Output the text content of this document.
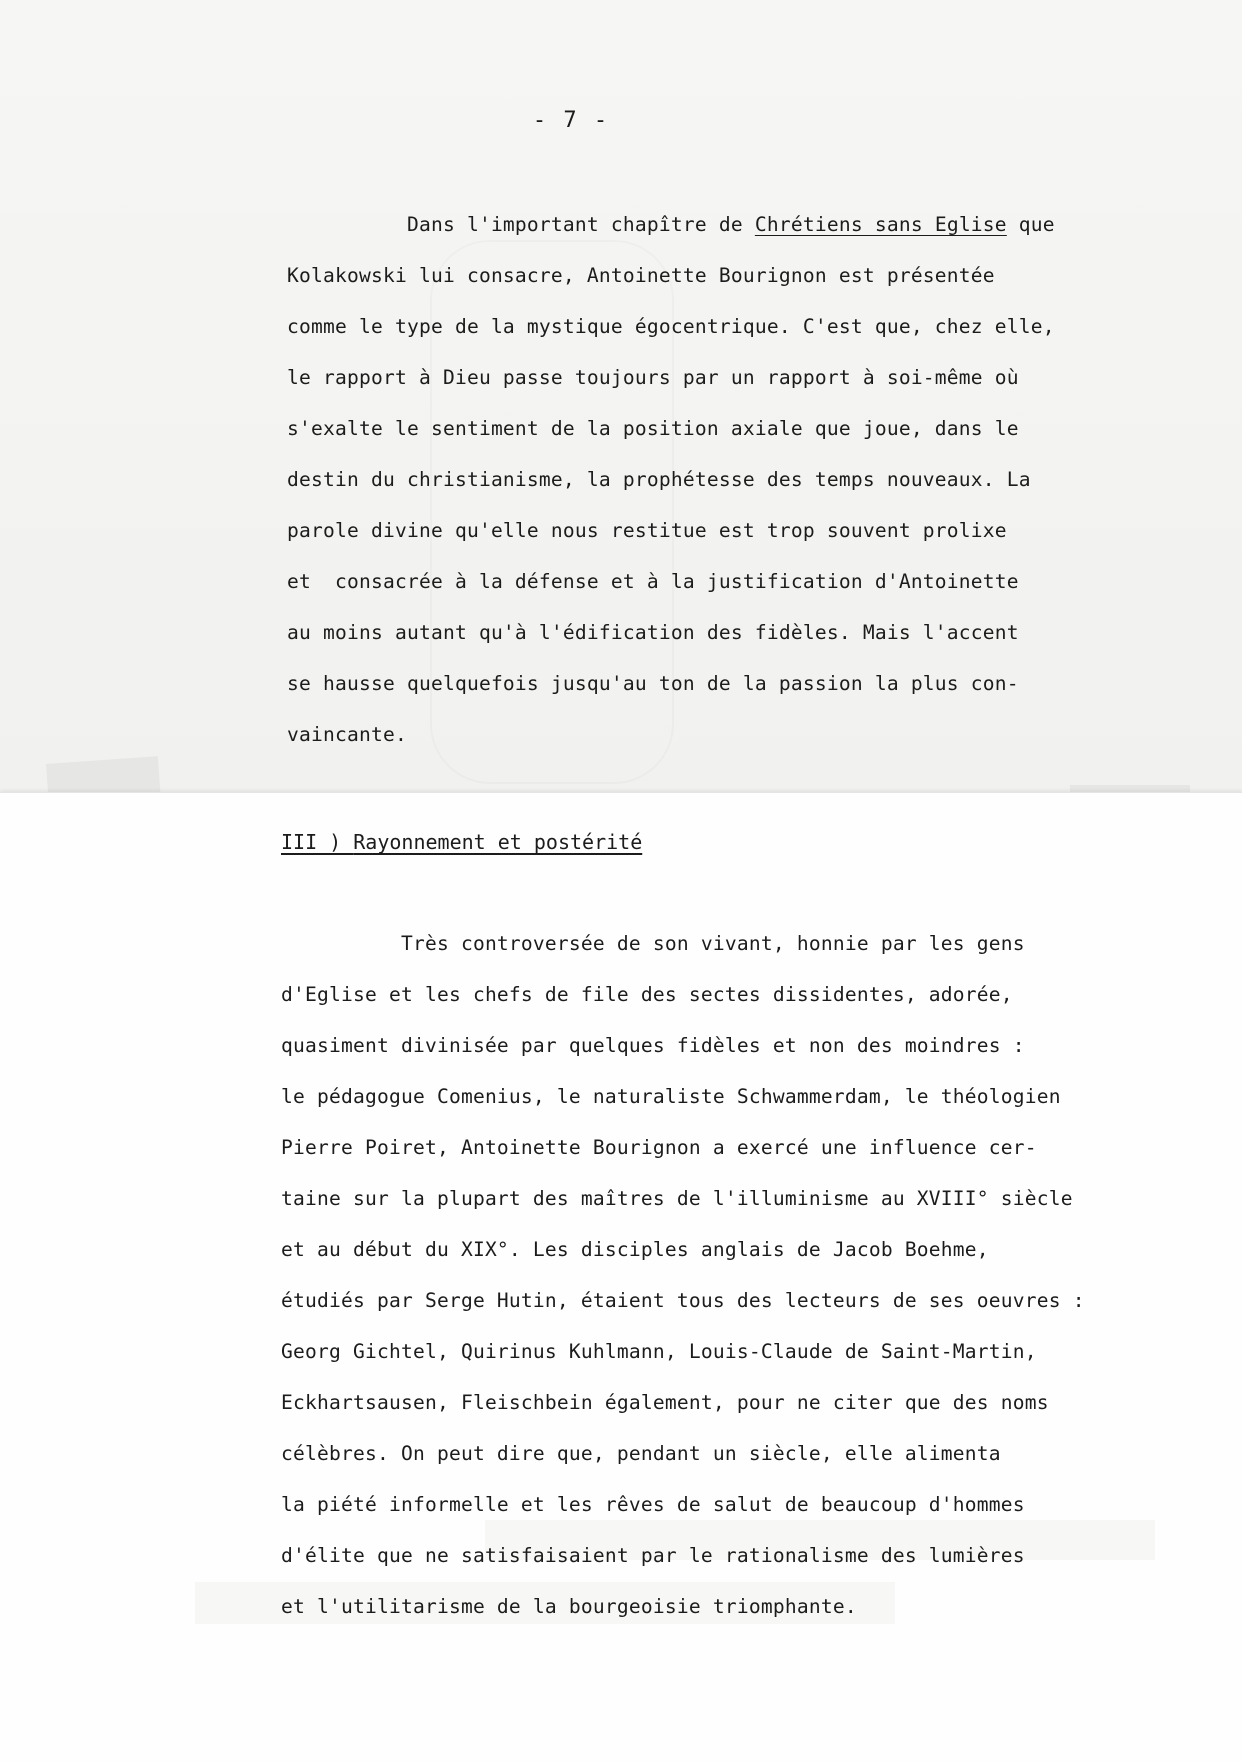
- 7 -
Dans l'important chapître de Chrétiens sans Eglise que
Kolakowski lui consacre, Antoinette Bourignon est présentée
comme le type de la mystique égocentrique. C'est que, chez elle,
le rapport à Dieu passe toujours par un rapport à soi-même où
s'exalte le sentiment de la position axiale que joue, dans le
destin du christianisme, la prophétesse des temps nouveaux. La
parole divine qu'elle nous restitue est trop souvent prolixe
et  consacrée à la défense et à la justification d'Antoinette
au moins autant qu'à l'édification des fidèles. Mais l'accent
se hausse quelquefois jusqu'au ton de la passion la plus con-
vaincante.
III ) Rayonnement et postérité
Très controversée de son vivant, honnie par les gens
d'Eglise et les chefs de file des sectes dissidentes, adorée,
quasiment divinisée par quelques fidèles et non des moindres :
le pédagogue Comenius, le naturaliste Schwammerdam, le théologien
Pierre Poiret, Antoinette Bourignon a exercé une influence cer-
taine sur la plupart des maîtres de l'illuminisme au XVIII° siècle
et au début du XIX°. Les disciples anglais de Jacob Boehme,
étudiés par Serge Hutin, étaient tous des lecteurs de ses oeuvres :
Georg Gichtel, Quirinus Kuhlmann, Louis-Claude de Saint-Martin,
Eckhartsausen, Fleischbein également, pour ne citer que des noms
célèbres. On peut dire que, pendant un siècle, elle alimenta
la piété informelle et les rêves de salut de beaucoup d'hommes
d'élite que ne satisfaisaient par le rationalisme des lumières
et l'utilitarisme de la bourgeoisie triomphante.
